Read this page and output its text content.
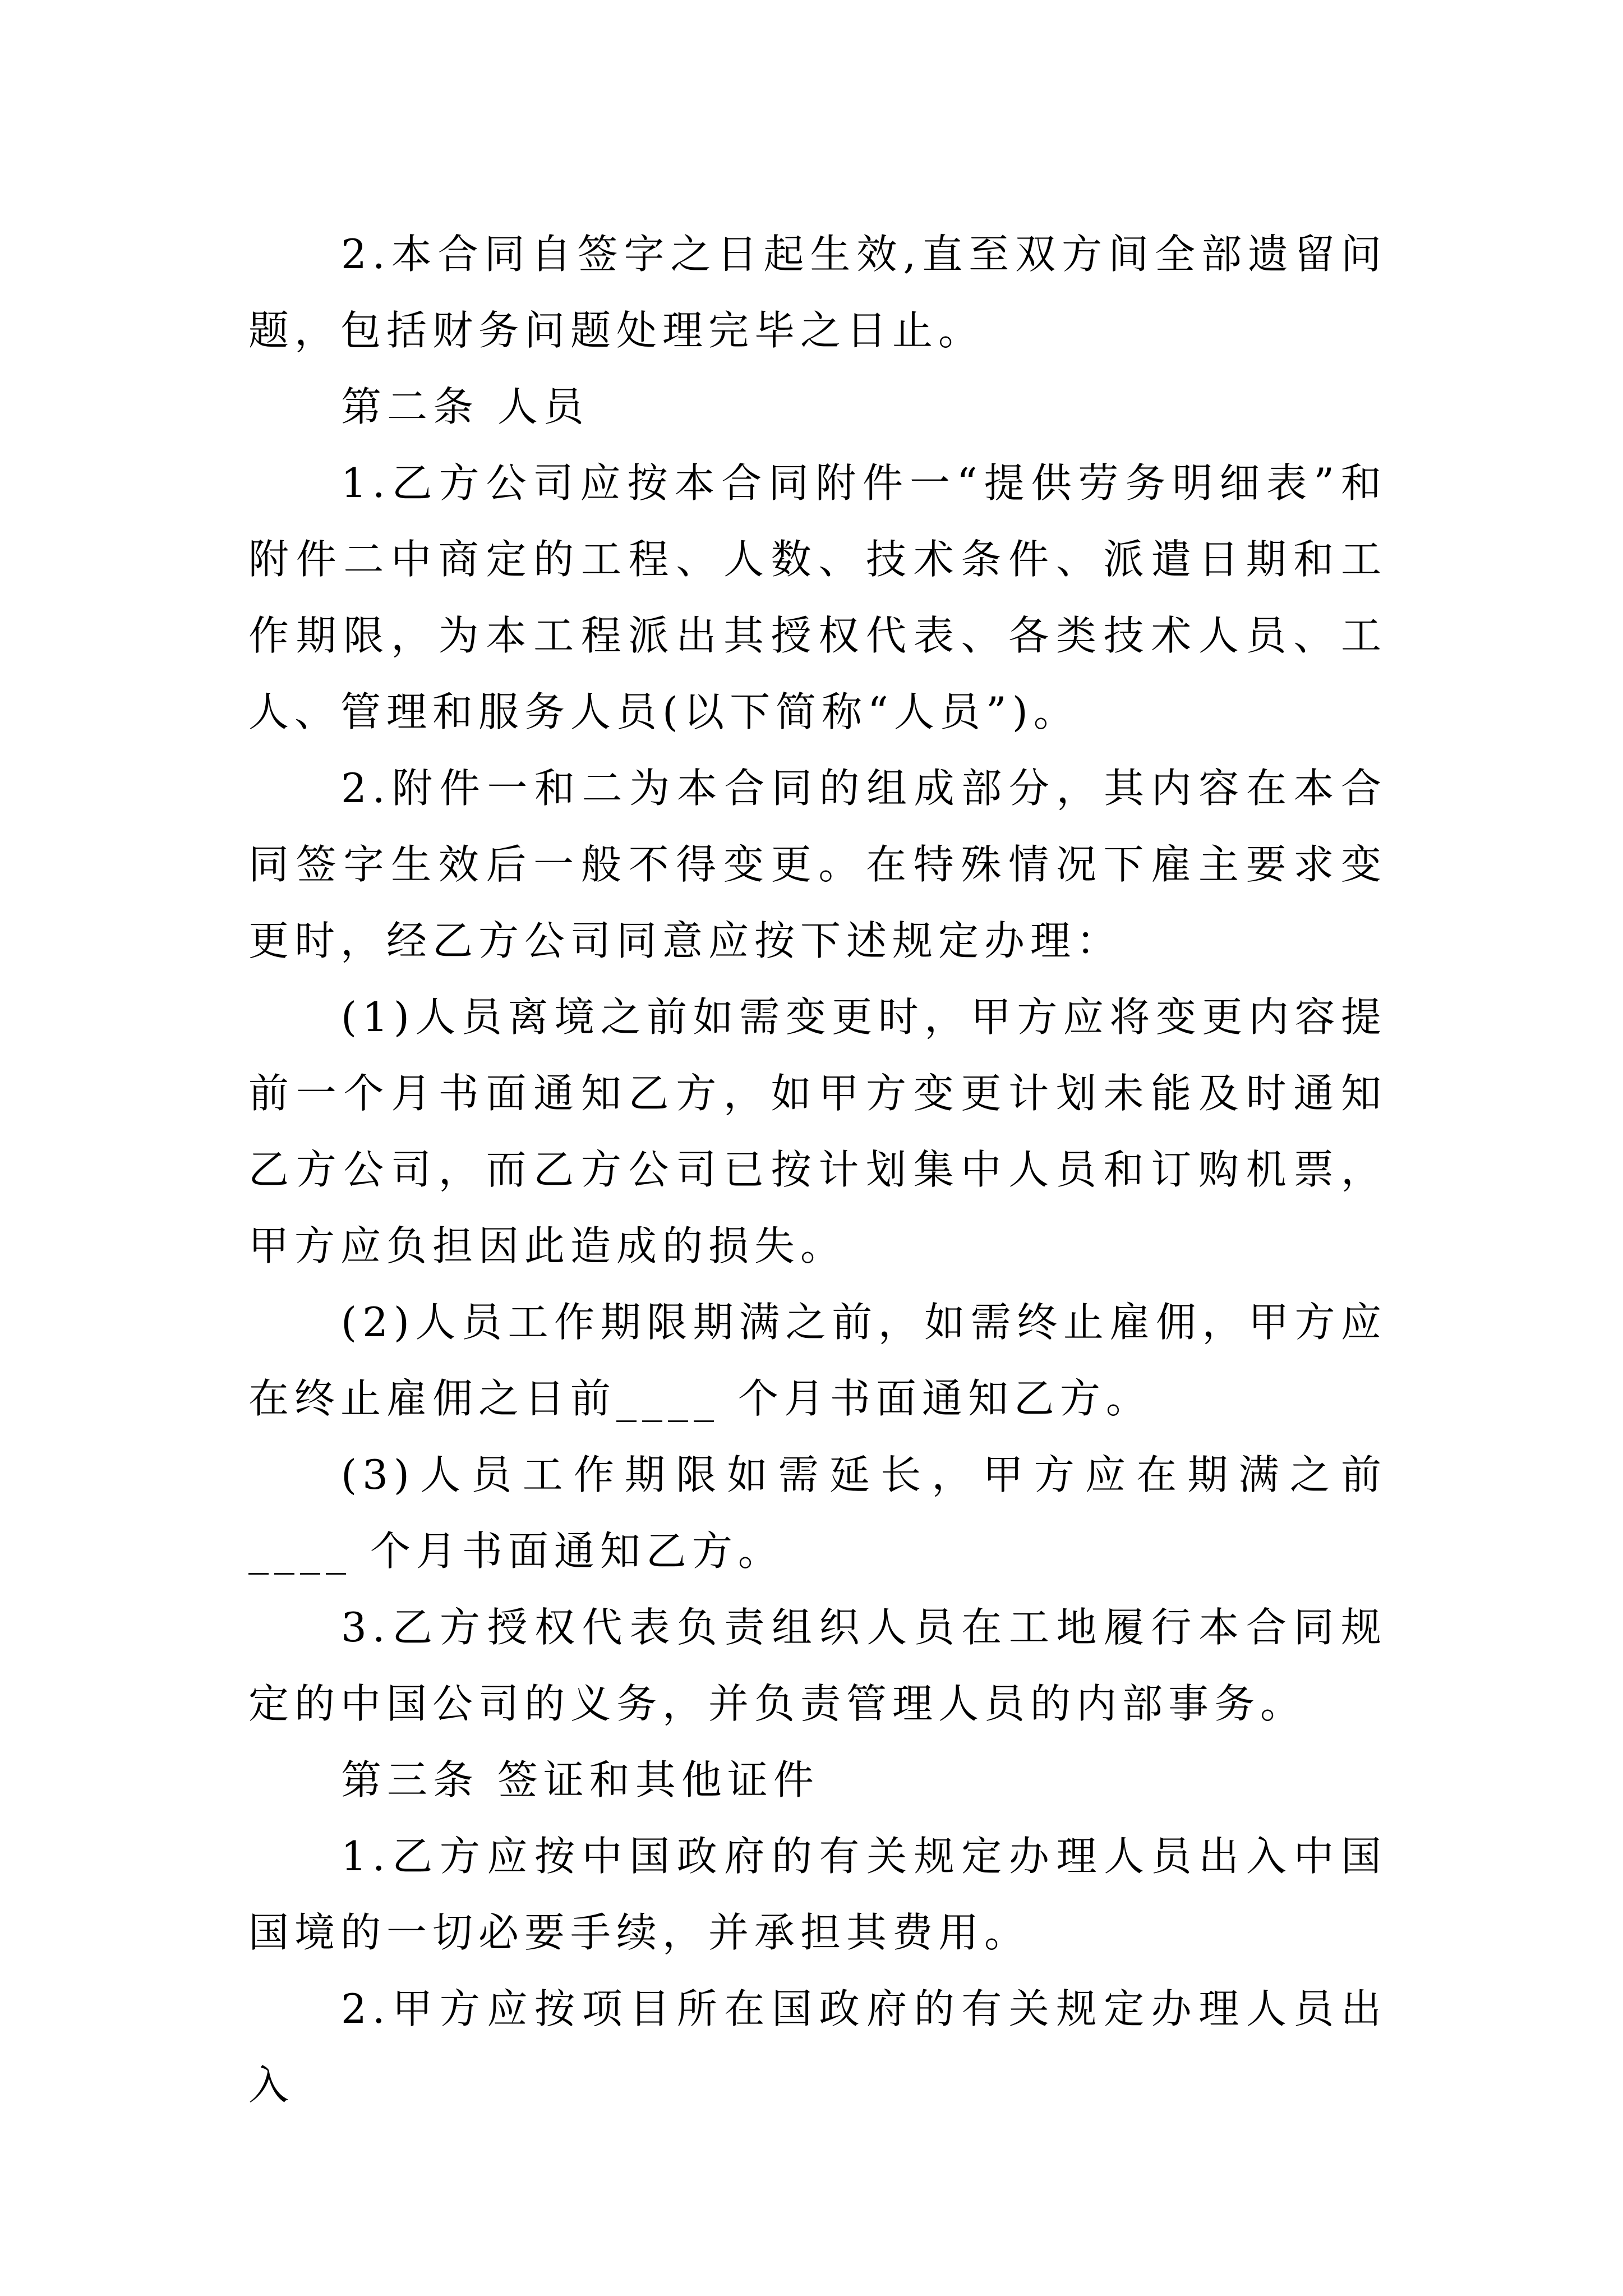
2.本合同自签字之日起生效,直至双方间全部遗留问题，包括财务问题处理完毕之日止。

第二条 人员

1.乙方公司应按本合同附件一“提供劳务明细表”和附件二中商定的工程、人数、技术条件、派遣日期和工作期限，为本工程派出其授权代表、各类技术人员、工人、管理和服务人员(以下简称“人员”)。

2.附件一和二为本合同的组成部分，其内容在本合同签字生效后一般不得变更。在特殊情况下雇主要求变更时，经乙方公司同意应按下述规定办理：

(1)人员离境之前如需变更时，甲方应将变更内容提前一个月书面通知乙方，如甲方变更计划未能及时通知乙方公司，而乙方公司已按计划集中人员和订购机票，甲方应负担因此造成的损失。

(2)人员工作期限期满之前，如需终止雇佣，甲方应在终止雇佣之日前____ 个月书面通知乙方。

(3)人员工作期限如需延长，甲方应在期满之前____ 个月书面通知乙方。

3.乙方授权代表负责组织人员在工地履行本合同规定的中国公司的义务，并负责管理人员的内部事务。

第三条 签证和其他证件

1.乙方应按中国政府的有关规定办理人员出入中国国境的一切必要手续，并承担其费用。

2.甲方应按项目所在国政府的有关规定办理人员出入
